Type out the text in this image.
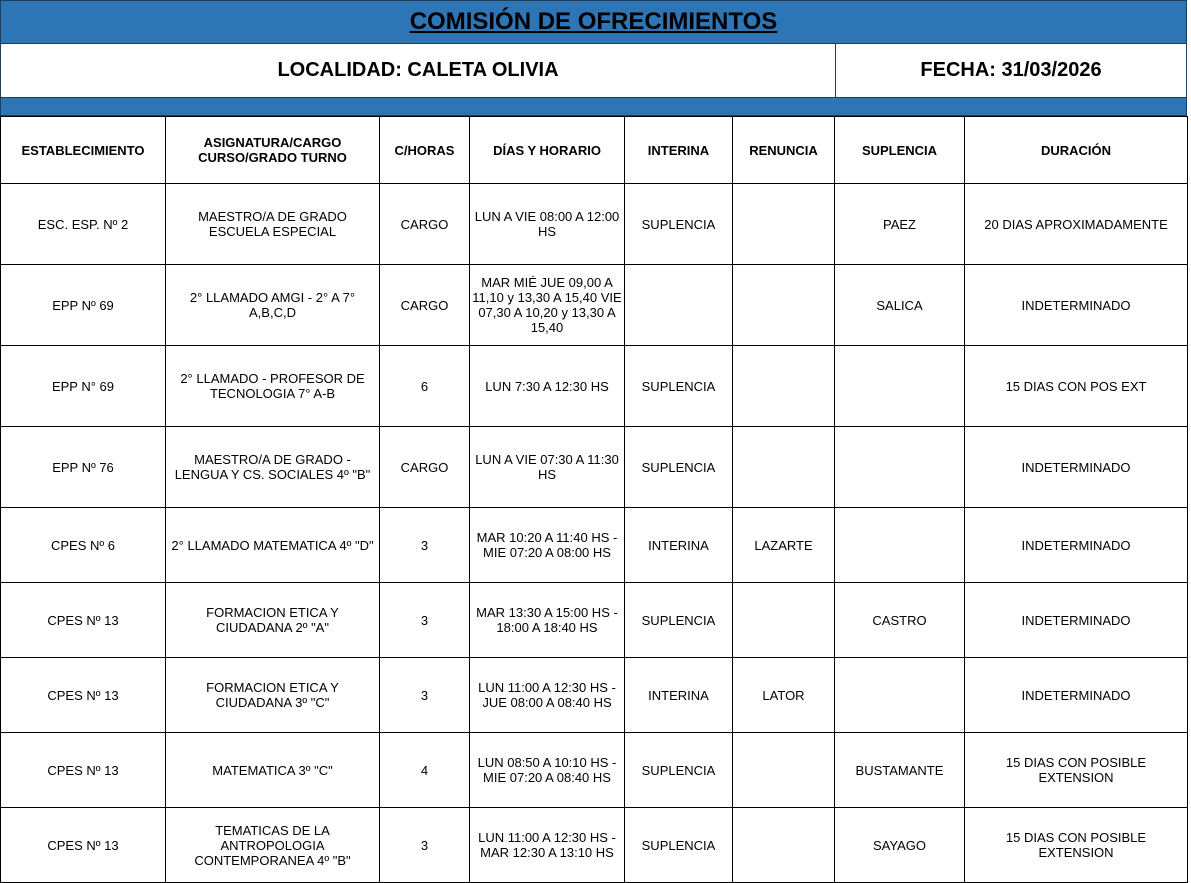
COMISIÓN DE OFRECIMIENTOS
LOCALIDAD: CALETA OLIVIA	FECHA: 31/03/2026
ESTABLECIMIENTO	ASIGNATURA/CARGO CURSO/GRADO TURNO	C/HORAS	DÍAS Y HORARIO	INTERINA	RENUNCIA	SUPLENCIA	DURACIÓN
ESC. ESP. Nº 2	MAESTRO/A DE GRADO ESCUELA ESPECIAL	CARGO	LUN A VIE 08:00 A 12:00 HS	SUPLENCIA		PAEZ	20 DIAS APROXIMADAMENTE
EPP Nº 69	2° LLAMADO AMGI - 2° A 7° A,B,C,D	CARGO	MAR MIÉ JUE 09,00 A 11,10 y 13,30 A 15,40 VIE 07,30 A 10,20 y 13,30 A 15,40			SALICA	INDETERMINADO
EPP N° 69	2° LLAMADO - PROFESOR DE TECNOLOGIA 7° A-B	6	LUN 7:30 A 12:30 HS	SUPLENCIA			15 DIAS CON POS EXT
EPP Nº 76	MAESTRO/A DE GRADO - LENGUA Y CS. SOCIALES 4º "B"	CARGO	LUN A VIE 07:30 A 11:30 HS	SUPLENCIA			INDETERMINADO
CPES Nº 6	2° LLAMADO MATEMATICA 4º "D"	3	MAR 10:20 A 11:40 HS - MIE 07:20 A 08:00 HS	INTERINA	LAZARTE		INDETERMINADO
CPES Nº 13	FORMACION ETICA Y CIUDADANA 2º "A"	3	MAR 13:30 A 15:00 HS - 18:00 A 18:40 HS	SUPLENCIA		CASTRO	INDETERMINADO
CPES Nº 13	FORMACION ETICA Y CIUDADANA 3º "C"	3	LUN 11:00 A 12:30 HS - JUE 08:00 A 08:40 HS	INTERINA	LATOR		INDETERMINADO
CPES Nº 13	MATEMATICA 3º "C"	4	LUN 08:50 A 10:10 HS - MIE 07:20 A 08:40 HS	SUPLENCIA		BUSTAMANTE	15 DIAS CON POSIBLE EXTENSION
CPES Nº 13	TEMATICAS DE LA ANTROPOLOGIA CONTEMPORANEA 4º "B"	3	LUN 11:00 A 12:30 HS - MAR 12:30 A 13:10 HS	SUPLENCIA		SAYAGO	15 DIAS CON POSIBLE EXTENSION
